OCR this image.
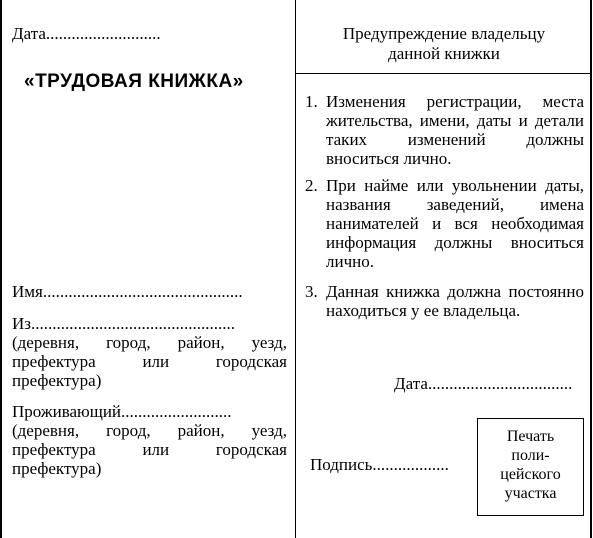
Дата...........................
«ТРУДОВАЯ КНИЖКА»
Имя...............................................
Из................................................
(деревня, город, район, уезд, префектура или городская префектура)
Проживающий..........................
(деревня, город, район, уезд, префектура или городская префектура)
Предупреждение владельцу
данной книжки
1. Изменения регистрации, места жительства, имени, даты и детали таких изменений должны вноситься лично.
2. При найме или увольнении даты, названия заведений, имена нанимателей и вся необходимая информация должны вноситься лично.
3. Данная книжка должна постоянно находиться у ее владельца.
Дата..................................
Подпись..................
Печать
поли-
цейского
участка
